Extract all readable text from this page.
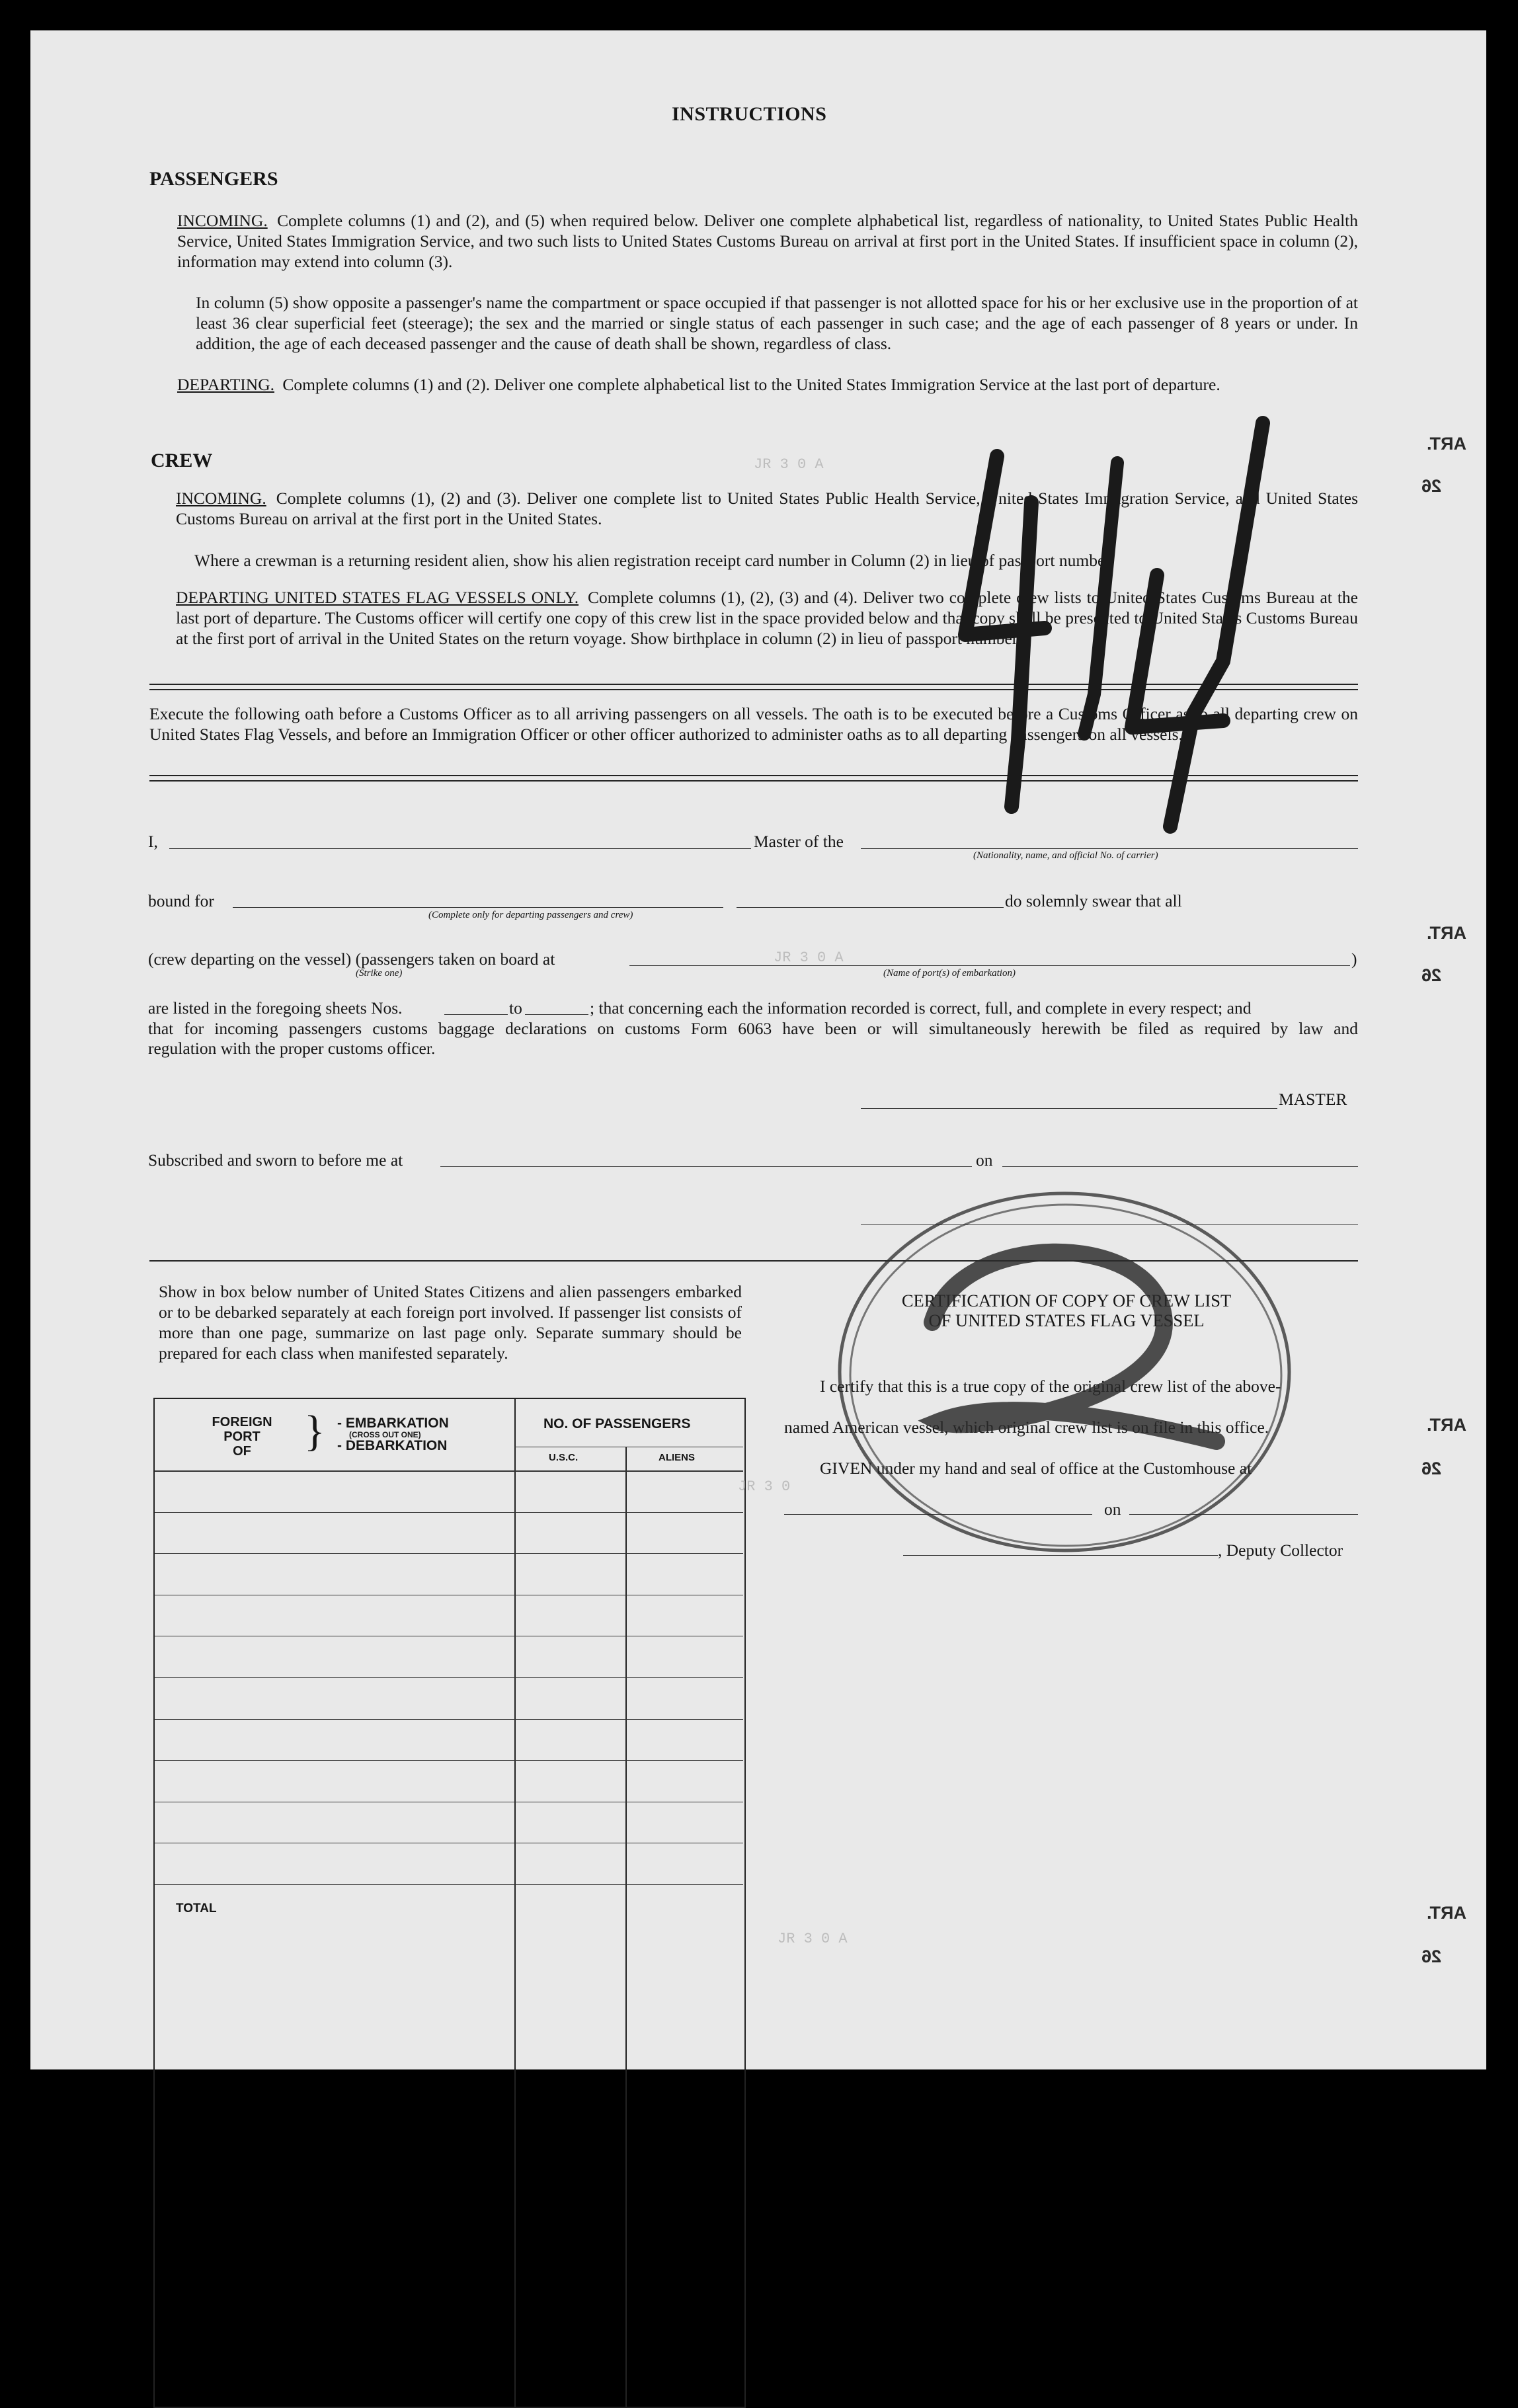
INSTRUCTIONS
PASSENGERS
INCOMING. Complete columns (1) and (2), and (5) when required below. Deliver one complete alphabetical list, regardless of nationality, to United States Public Health Service, United States Immigration Service, and two such lists to United States Customs Bureau on arrival at first port in the United States. If insufficient space in column (2), information may extend into column (3).
In column (5) show opposite a passenger's name the compartment or space occupied if that passenger is not allotted space for his or her exclusive use in the proportion of at least 36 clear superficial feet (steerage); the sex and the married or single status of each passenger in such case; and the age of each passenger of 8 years or under. In addition, the age of each deceased passenger and the cause of death shall be shown, regardless of class.
DEPARTING. Complete columns (1) and (2). Deliver one complete alphabetical list to the United States Immigration Service at the last port of departure.
CREW
INCOMING. Complete columns (1), (2) and (3). Deliver one complete list to United States Public Health Service, United States Immigration Service, and United States Customs Bureau on arrival at the first port in the United States.
Where a crewman is a returning resident alien, show his alien registration receipt card number in Column (2) in lieu of passport number.
DEPARTING UNITED STATES FLAG VESSELS ONLY. Complete columns (1), (2), (3) and (4). Deliver two complete crew lists to United States Customs Bureau at the last port of departure. The Customs officer will certify one copy of this crew list in the space provided below and that copy shall be presented to United States Customs Bureau at the first port of arrival in the United States on the return voyage. Show birthplace in column (2) in lieu of passport number.
Execute the following oath before a Customs Officer as to all arriving passengers on all vessels. The oath is to be executed before a Customs Officer as to all departing crew on United States Flag Vessels, and before an Immigration Officer or other officer authorized to administer oaths as to all departing passengers on all vessels.
I,	Master of the
(Nationality, name, and official No. of carrier)
bound for
(Complete only for departing passengers and crew)
do solemnly swear that all
(crew departing on the vessel) (passengers taken on board at
(Strike one)
)
(Name of port(s) of embarkation)
are listed in the foregoing sheets Nos.	to	; that concerning each the information recorded is correct, full, and complete in every respect; and
that for incoming passengers customs baggage declarations on customs Form 6063 have been or will simultaneously herewith be filed as required by law and
regulation with the proper customs officer.
MASTER
Subscribed and sworn to before me at	on
Show in box below number of United States Citizens and alien passengers embarked or to be debarked separately at each foreign port involved. If passenger list consists of more than one page, summarize on last page only. Separate summary should be prepared for each class when manifested separately.
FOREIGN
PORT
OF	} - EMBARKATION
(CROSS OUT ONE)
- DEBARKATION
NO. OF PASSENGERS
U.S.C.	ALIENS
TOTAL
CERTIFICATION OF COPY OF CREW LIST
OF UNITED STATES FLAG VESSEL
I certify that this is a true copy of the original crew list of the above-
named American vessel, which original crew list is on file in this office.
GIVEN under my hand and seal of office at the Customhouse at
on
, Deputy Collector
JR 3 0 A
JR 3 0 A
JR 3 0
JR 3 0 A
ART.
26
ART.
26
ART.
26
ART.
26
